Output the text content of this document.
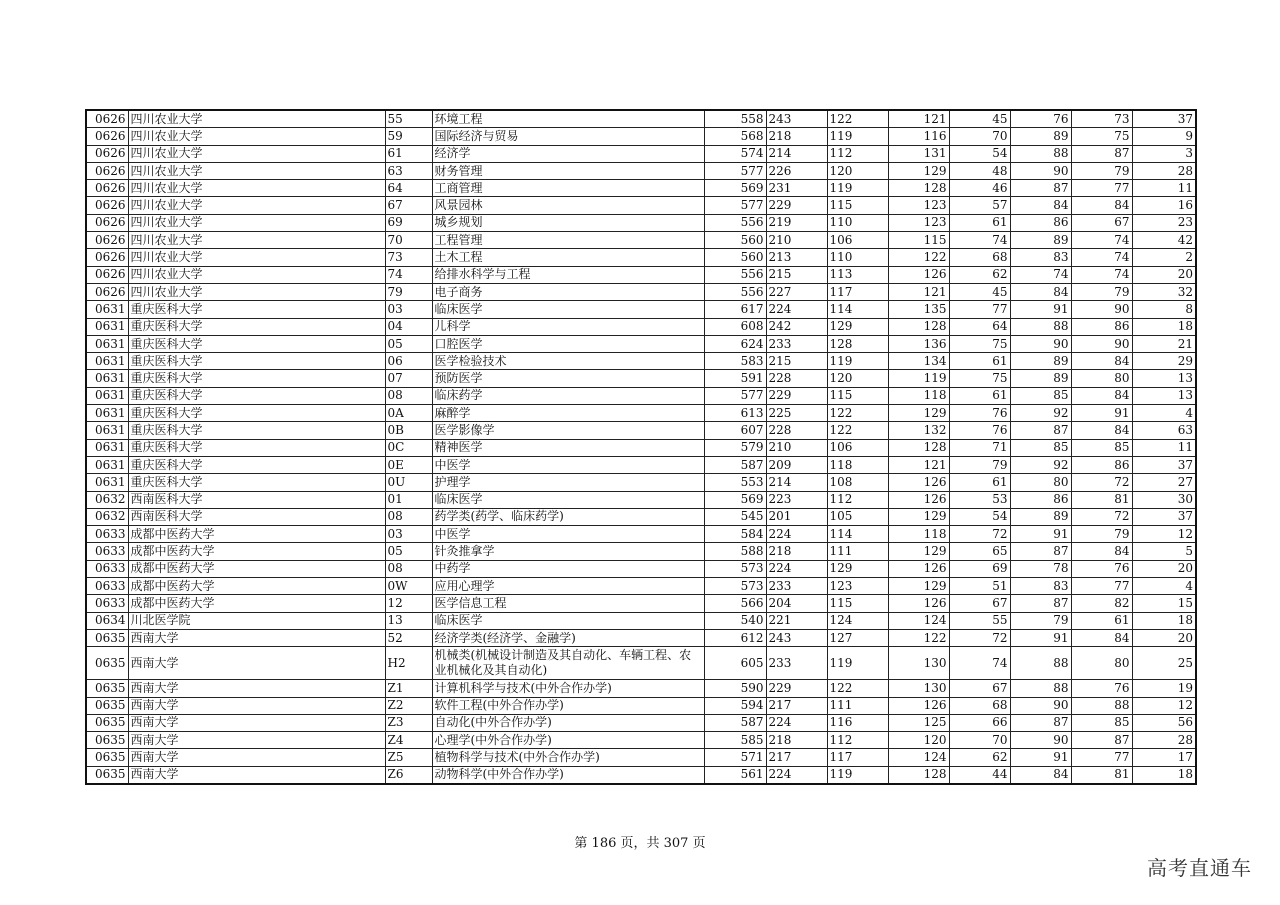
0626	四川农业大学	55	环境工程	558	243	122	121	45	76	73	37
0626	四川农业大学	59	国际经济与贸易	568	218	119	116	70	89	75	9
0626	四川农业大学	61	经济学	574	214	112	131	54	88	87	3
0626	四川农业大学	63	财务管理	577	226	120	129	48	90	79	28
0626	四川农业大学	64	工商管理	569	231	119	128	46	87	77	11
0626	四川农业大学	67	风景园林	577	229	115	123	57	84	84	16
0626	四川农业大学	69	城乡规划	556	219	110	123	61	86	67	23
0626	四川农业大学	70	工程管理	560	210	106	115	74	89	74	42
0626	四川农业大学	73	土木工程	560	213	110	122	68	83	74	2
0626	四川农业大学	74	给排水科学与工程	556	215	113	126	62	74	74	20
0626	四川农业大学	79	电子商务	556	227	117	121	45	84	79	32
0631	重庆医科大学	03	临床医学	617	224	114	135	77	91	90	8
0631	重庆医科大学	04	儿科学	608	242	129	128	64	88	86	18
0631	重庆医科大学	05	口腔医学	624	233	128	136	75	90	90	21
0631	重庆医科大学	06	医学检验技术	583	215	119	134	61	89	84	29
0631	重庆医科大学	07	预防医学	591	228	120	119	75	89	80	13
0631	重庆医科大学	08	临床药学	577	229	115	118	61	85	84	13
0631	重庆医科大学	0A	麻醉学	613	225	122	129	76	92	91	4
0631	重庆医科大学	0B	医学影像学	607	228	122	132	76	87	84	63
0631	重庆医科大学	0C	精神医学	579	210	106	128	71	85	85	11
0631	重庆医科大学	0E	中医学	587	209	118	121	79	92	86	37
0631	重庆医科大学	0U	护理学	553	214	108	126	61	80	72	27
0632	西南医科大学	01	临床医学	569	223	112	126	53	86	81	30
0632	西南医科大学	08	药学类(药学、临床药学)	545	201	105	129	54	89	72	37
0633	成都中医药大学	03	中医学	584	224	114	118	72	91	79	12
0633	成都中医药大学	05	针灸推拿学	588	218	111	129	65	87	84	5
0633	成都中医药大学	08	中药学	573	224	129	126	69	78	76	20
0633	成都中医药大学	0W	应用心理学	573	233	123	129	51	83	77	4
0633	成都中医药大学	12	医学信息工程	566	204	115	126	67	87	82	15
0634	川北医学院	13	临床医学	540	221	124	124	55	79	61	18
0635	西南大学	52	经济学类(经济学、金融学)	612	243	127	122	72	91	84	20
0635	西南大学	H2	机械类(机械设计制造及其自动化、车辆工程、农业机械化及其自动化)	605	233	119	130	74	88	80	25
0635	西南大学	Z1	计算机科学与技术(中外合作办学)	590	229	122	130	67	88	76	19
0635	西南大学	Z2	软件工程(中外合作办学)	594	217	111	126	68	90	88	12
0635	西南大学	Z3	自动化(中外合作办学)	587	224	116	125	66	87	85	56
0635	西南大学	Z4	心理学(中外合作办学)	585	218	112	120	70	90	87	28
0635	西南大学	Z5	植物科学与技术(中外合作办学)	571	217	117	124	62	91	77	17
0635	西南大学	Z6	动物科学(中外合作办学)	561	224	119	128	44	84	81	18
第 186 页，共 307 页
高考直通车
